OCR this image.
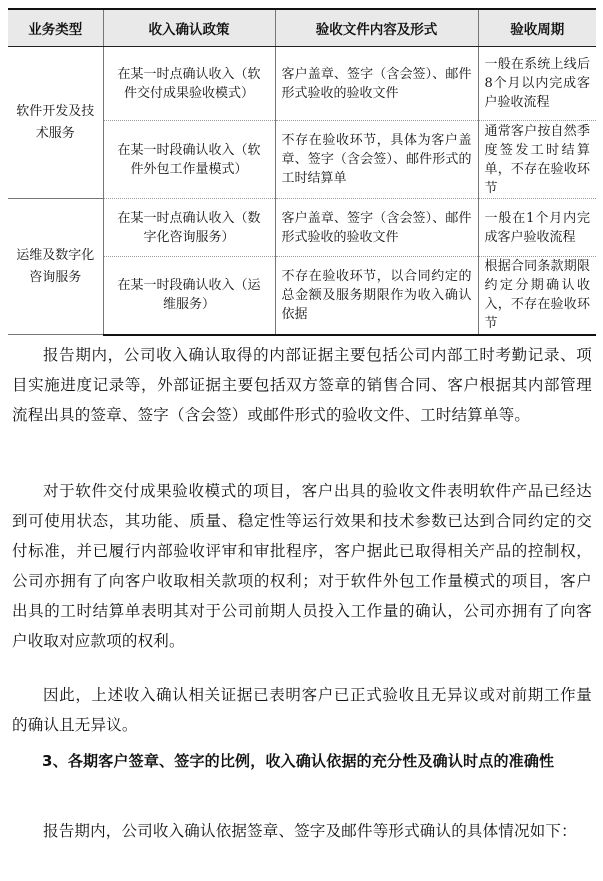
业务类型	收入确认政策	验收文件内容及形式	验收周期
软件开发及技术服务	在某一时点确认收入（软件交付成果验收模式）	客户盖章、签字（含会签）、邮件形式验收的验收文件	一般在系统上线后8个月以内完成客户验收流程
	在某一时段确认收入（软件外包工作量模式）	不存在验收环节，具体为客户盖章、签字（含会签）、邮件形式的工时结算单	通常客户按自然季度签发工时结算单，不存在验收环节
运维及数字化咨询服务	在某一时点确认收入（数字化咨询服务）	客户盖章、签字（含会签）、邮件形式验收的验收文件	一般在1个月内完成客户验收流程
	在某一时段确认收入（运维服务）	不存在验收环节，以合同约定的总金额及服务期限作为收入确认依据	根据合同条款期限约定分期确认收入，不存在验收环节

报告期内，公司收入确认取得的内部证据主要包括公司内部工时考勤记录、项目实施进度记录等，外部证据主要包括双方签章的销售合同、客户根据其内部管理流程出具的签章、签字（含会签）或邮件形式的验收文件、工时结算单等。

对于软件交付成果验收模式的项目，客户出具的验收文件表明软件产品已经达到可使用状态，其功能、质量、稳定性等运行效果和技术参数已达到合同约定的交付标准，并已履行内部验收评审和审批程序，客户据此已取得相关产品的控制权，公司亦拥有了向客户收取相关款项的权利；对于软件外包工作量模式的项目，客户出具的工时结算单表明其对于公司前期人员投入工作量的确认，公司亦拥有了向客户收取对应款项的权利。

因此，上述收入确认相关证据已表明客户已正式验收且无异议或对前期工作量的确认且无异议。

3、各期客户签章、签字的比例，收入确认依据的充分性及确认时点的准确性

报告期内，公司收入确认依据签章、签字及邮件等形式确认的具体情况如下：
